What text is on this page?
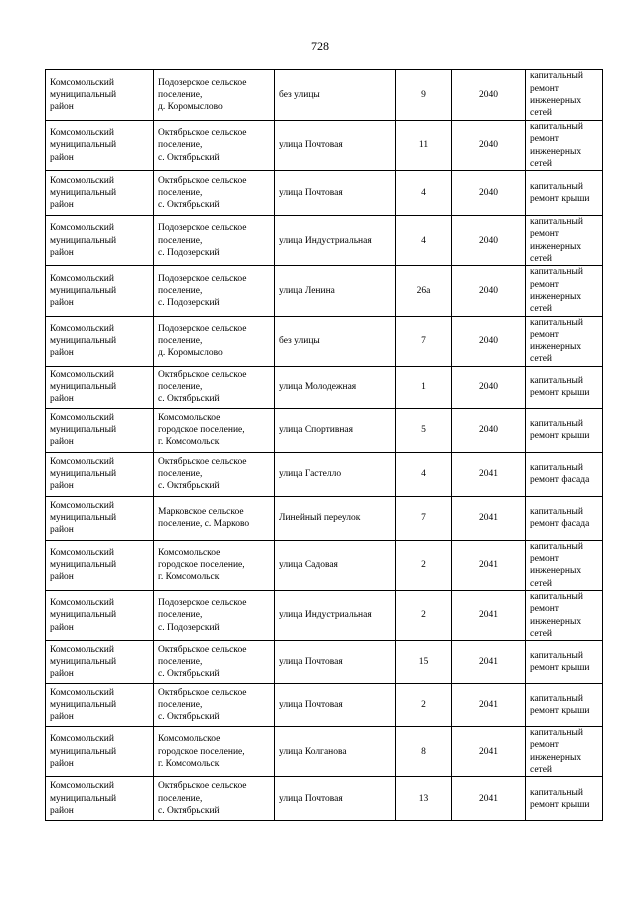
728
Комсомольский
муниципальный
район	Подозерское сельское
поселение,
д. Коромыслово	без улицы	9	2040	капитальный
ремонт
инженерных
сетей

Комсомольский
муниципальный
район	Октябрьское сельское
поселение,
с. Октябрьский	улица Почтовая	11	2040	капитальный
ремонт
инженерных
сетей

Комсомольский
муниципальный
район	Октябрьское сельское
поселение,
с. Октябрьский	улица Почтовая	4	2040	капитальный
ремонт крыши

Комсомольский
муниципальный
район	Подозерское сельское
поселение,
с. Подозерский	улица Индустриальная	4	2040	капитальный
ремонт
инженерных
сетей

Комсомольский
муниципальный
район	Подозерское сельское
поселение,
с. Подозерский	улица Ленина	26а	2040	капитальный
ремонт
инженерных
сетей

Комсомольский
муниципальный
район	Подозерское сельское
поселение,
д. Коромыслово	без улицы	7	2040	капитальный
ремонт
инженерных
сетей

Комсомольский
муниципальный
район	Октябрьское сельское
поселение,
с. Октябрьский	улица Молодежная	1	2040	капитальный
ремонт крыши

Комсомольский
муниципальный
район	Комсомольское
городское поселение,
г. Комсомольск	улица Спортивная	5	2040	капитальный
ремонт крыши

Комсомольский
муниципальный
район	Октябрьское сельское
поселение,
с. Октябрьский	улица Гастелло	4	2041	капитальный
ремонт фасада

Комсомольский
муниципальный
район	Марковское сельское
поселение, с. Марково	Линейный переулок	7	2041	капитальный
ремонт фасада

Комсомольский
муниципальный
район	Комсомольское
городское поселение,
г. Комсомольск	улица Садовая	2	2041	капитальный
ремонт
инженерных
сетей

Комсомольский
муниципальный
район	Подозерское сельское
поселение,
с. Подозерский	улица Индустриальная	2	2041	капитальный
ремонт
инженерных
сетей

Комсомольский
муниципальный
район	Октябрьское сельское
поселение,
с. Октябрьский	улица Почтовая	15	2041	капитальный
ремонт крыши

Комсомольский
муниципальный
район	Октябрьское сельское
поселение,
с. Октябрьский	улица Почтовая	2	2041	капитальный
ремонт крыши

Комсомольский
муниципальный
район	Комсомольское
городское поселение,
г. Комсомольск	улица Колганова	8	2041	капитальный
ремонт
инженерных
сетей

Комсомольский
муниципальный
район	Октябрьское сельское
поселение,
с. Октябрьский	улица Почтовая	13	2041	капитальный
ремонт крыши
